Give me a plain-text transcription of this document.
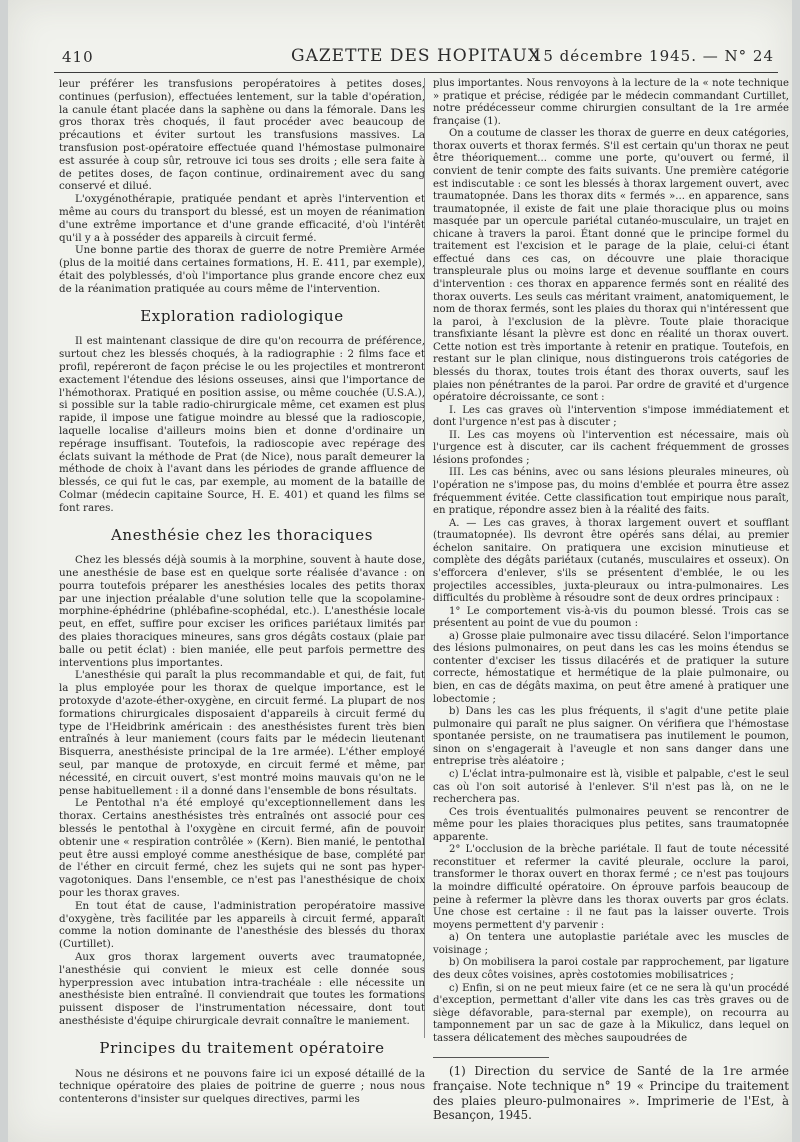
410	GAZETTE DES HOPITAUX
15 décembre 1945. — N° 24

leur préférer les transfusions peropératoires à petites doses, continues (perfusion), effectuées lentement, sur la table d'opération, la canule étant placée dans la saphène ou dans la fémorale. Dans les gros thorax très choqués, il faut procéder avec beaucoup de précautions et éviter surtout les transfusions massives. La transfusion post-opératoire effectuée quand l'hémostase pulmonaire est assurée à coup sûr, retrouve ici tous ses droits ; elle sera faite à de petites doses, de façon continue, ordinairement avec du sang conservé et dilué.

L'oxygénothérapie, pratiquée pendant et après l'intervention et même au cours du transport du blessé, est un moyen de réanimation d'une extrême importance et d'une grande efficacité, d'où l'intérêt qu'il y a à posséder des appareils à circuit fermé.

Une bonne partie des thorax de guerre de notre Première Armée (plus de la moitié dans certaines formations, H. E. 411, par exemple), était des polyblessés, d'où l'importance plus grande encore chez eux de la réanimation pratiquée au cours même de l'intervention.

Exploration radiologique

Il est maintenant classique de dire qu'on recourra de préférence, surtout chez les blessés choqués, à la radiographie : 2 films face et profil, repéreront de façon précise le ou les projectiles et montreront exactement l'étendue des lésions osseuses, ainsi que l'importance de l'hémothorax. Pratiqué en position assise, ou même couchée (U.S.A.), si possible sur la table radio-chirurgicale même, cet examen est plus rapide, il impose une fatigue moindre au blessé que la radioscopie, laquelle localise d'ailleurs moins bien et donne d'ordinaire un repérage insuffisant. Toutefois, la radioscopie avec repérage des éclats suivant la méthode de Prat (de Nice), nous paraît demeurer la méthode de choix à l'avant dans les périodes de grande affluence de blessés, ce qui fut le cas, par exemple, au moment de la bataille de Colmar (médecin capitaine Source, H. E. 401) et quand les films se font rares.

Anesthésie chez les thoraciques

Chez les blessés déjà soumis à la morphine, souvent à haute dose, une anesthésie de base est en quelque sorte réalisée d'avance : on pourra toutefois préparer les anesthésies locales des petits thorax par une injection préalable d'une solution telle que la scopolamine-morphine-éphédrine (phlébafine-scophédal, etc.). L'anesthésie locale peut, en effet, suffire pour exciser les orifices pariétaux limités par des plaies thoraciques mineures, sans gros dégâts costaux (plaie par balle ou petit éclat) : bien maniée, elle peut parfois permettre des interventions plus importantes.

L'anesthésie qui paraît la plus recommandable et qui, de fait, fut la plus employée pour les thorax de quelque importance, est le protoxyde d'azote-éther-oxygène, en circuit fermé. La plupart de nos formations chirurgicales disposaient d'appareils à circuit fermé du type de l'Heidbrink américain : des anesthésistes furent très bien entraînés à leur maniement (cours faits par le médecin lieutenant Bisquerra, anesthésiste principal de la 1re armée). L'éther employé seul, par manque de protoxyde, en circuit fermé et même, par nécessité, en circuit ouvert, s'est montré moins mauvais qu'on ne le pense habituellement : il a donné dans l'ensemble de bons résultats.

Le Pentothal n'a été employé qu'exceptionnellement dans les thorax. Certains anesthésistes très entraînés ont associé pour ces blessés le pentothal à l'oxygène en circuit fermé, afin de pouvoir obtenir une « respiration contrôlée » (Kern). Bien manié, le pentothal peut être aussi employé comme anesthésique de base, complété par de l'éther en circuit fermé, chez les sujets qui ne sont pas hyper-vagotoniques. Dans l'ensemble, ce n'est pas l'anesthésique de choix pour les thorax graves.

En tout état de cause, l'administration peropératoire massive d'oxygène, très facilitée par les appareils à circuit fermé, apparaît comme la notion dominante de l'anesthésie des blessés du thorax (Curtillet).

Aux gros thorax largement ouverts avec traumatopnée, l'anesthésie qui convient le mieux est celle donnée sous hyperpression avec intubation intra-trachéale : elle nécessite un anesthésiste bien entraîné. Il conviendrait que toutes les formations puissent disposer de l'instrumentation nécessaire, dont tout anesthésiste d'équipe chirurgicale devrait connaître le maniement.

Principes du traitement opératoire

Nous ne désirons et ne pouvons faire ici un exposé détaillé de la technique opératoire des plaies de poitrine de guerre ; nous nous contenterons d'insister sur quelques directives, parmi les

plus importantes. Nous renvoyons à la lecture de la « note technique » pratique et précise, rédigée par le médecin commandant Curtillet, notre prédécesseur comme chirurgien consultant de la 1re armée française (1).

On a coutume de classer les thorax de guerre en deux catégories, thorax ouverts et thorax fermés. S'il est certain qu'un thorax ne peut être théoriquement... comme une porte, qu'ouvert ou fermé, il convient de tenir compte des faits suivants. Une première catégorie est indiscutable : ce sont les blessés à thorax largement ouvert, avec traumatopnée. Dans les thorax dits « fermés »... en apparence, sans traumatopnée, il existe de fait une plaie thoracique plus ou moins masquée par un opercule pariétal cutanéo-musculaire, un trajet en chicane à travers la paroi. Étant donné que le principe formel du traitement est l'excision et le parage de la plaie, celui-ci étant effectué dans ces cas, on découvre une plaie thoracique transpleurale plus ou moins large et devenue soufflante en cours d'intervention : ces thorax en apparence fermés sont en réalité des thorax ouverts. Les seuls cas méritant vraiment, anatomiquement, le nom de thorax fermés, sont les plaies du thorax qui n'intéressent que la paroi, à l'exclusion de la plèvre. Toute plaie thoracique transfixiante lésant la plèvre est donc en réalité un thorax ouvert. Cette notion est très importante à retenir en pratique. Toutefois, en restant sur le plan clinique, nous distinguerons trois catégories de blessés du thorax, toutes trois étant des thorax ouverts, sauf les plaies non pénétrantes de la paroi. Par ordre de gravité et d'urgence opératoire décroissante, ce sont :

I. Les cas graves où l'intervention s'impose immédiatement et dont l'urgence n'est pas à discuter ;

II. Les cas moyens où l'intervention est nécessaire, mais où l'urgence est à discuter, car ils cachent fréquemment de grosses lésions profondes ;

III. Les cas bénins, avec ou sans lésions pleurales mineures, où l'opération ne s'impose pas, du moins d'emblée et pourra être assez fréquemment évitée. Cette classification tout empirique nous paraît, en pratique, répondre assez bien à la réalité des faits.

A. — Les cas graves, à thorax largement ouvert et soufflant (traumatopnée). Ils devront être opérés sans délai, au premier échelon sanitaire. On pratiquera une excision minutieuse et complète des dégâts pariétaux (cutanés, musculaires et osseux). On s'efforcera d'enlever, s'ils se présentent d'emblée, le ou les projectiles accessibles, juxta-pleuraux ou intra-pulmonaires. Les difficultés du problème à résoudre sont de deux ordres principaux :

1° Le comportement vis-à-vis du poumon blessé. Trois cas se présentent au point de vue du poumon :

a) Grosse plaie pulmonaire avec tissu dilacéré. Selon l'importance des lésions pulmonaires, on peut dans les cas les moins étendus se contenter d'exciser les tissus dilacérés et de pratiquer la suture correcte, hémostatique et hermétique de la plaie pulmonaire, ou bien, en cas de dégâts maxima, on peut être amené à pratiquer une lobectomie ;

b) Dans les cas les plus fréquents, il s'agit d'une petite plaie pulmonaire qui paraît ne plus saigner. On vérifiera que l'hémostase spontanée persiste, on ne traumatisera pas inutilement le poumon, sinon on s'engagerait à l'aveugle et non sans danger dans une entreprise très aléatoire ;

c) L'éclat intra-pulmonaire est là, visible et palpable, c'est le seul cas où l'on soit autorisé à l'enlever. S'il n'est pas là, on ne le recherchera pas.

Ces trois éventualités pulmonaires peuvent se rencontrer de même pour les plaies thoraciques plus petites, sans traumatopnée apparente.

2° L'occlusion de la brèche pariétale. Il faut de toute nécessité reconstituer et refermer la cavité pleurale, occlure la paroi, transformer le thorax ouvert en thorax fermé ; ce n'est pas toujours la moindre difficulté opératoire. On éprouve parfois beaucoup de peine à refermer la plèvre dans les thorax ouverts par gros éclats. Une chose est certaine : il ne faut pas la laisser ouverte. Trois moyens permettent d'y parvenir :

a) On tentera une autoplastie pariétale avec les muscles de voisinage ;

b) On mobilisera la paroi costale par rapprochement, par ligature des deux côtes voisines, après costotomies mobilisatrices ;

c) Enfin, si on ne peut mieux faire (et ce ne sera là qu'un procédé d'exception, permettant d'aller vite dans les cas très graves ou de siège défavorable, para-sternal par exemple), on recourra au tamponnement par un sac de gaze à la Mikulicz, dans lequel on tassera délicatement des mèches saupoudrées de

(1) Direction du service de Santé de la 1re armée française. Note technique n° 19 « Principe du traitement des plaies pleuro-pulmonaires ». Imprimerie de l'Est, à Besançon, 1945.
